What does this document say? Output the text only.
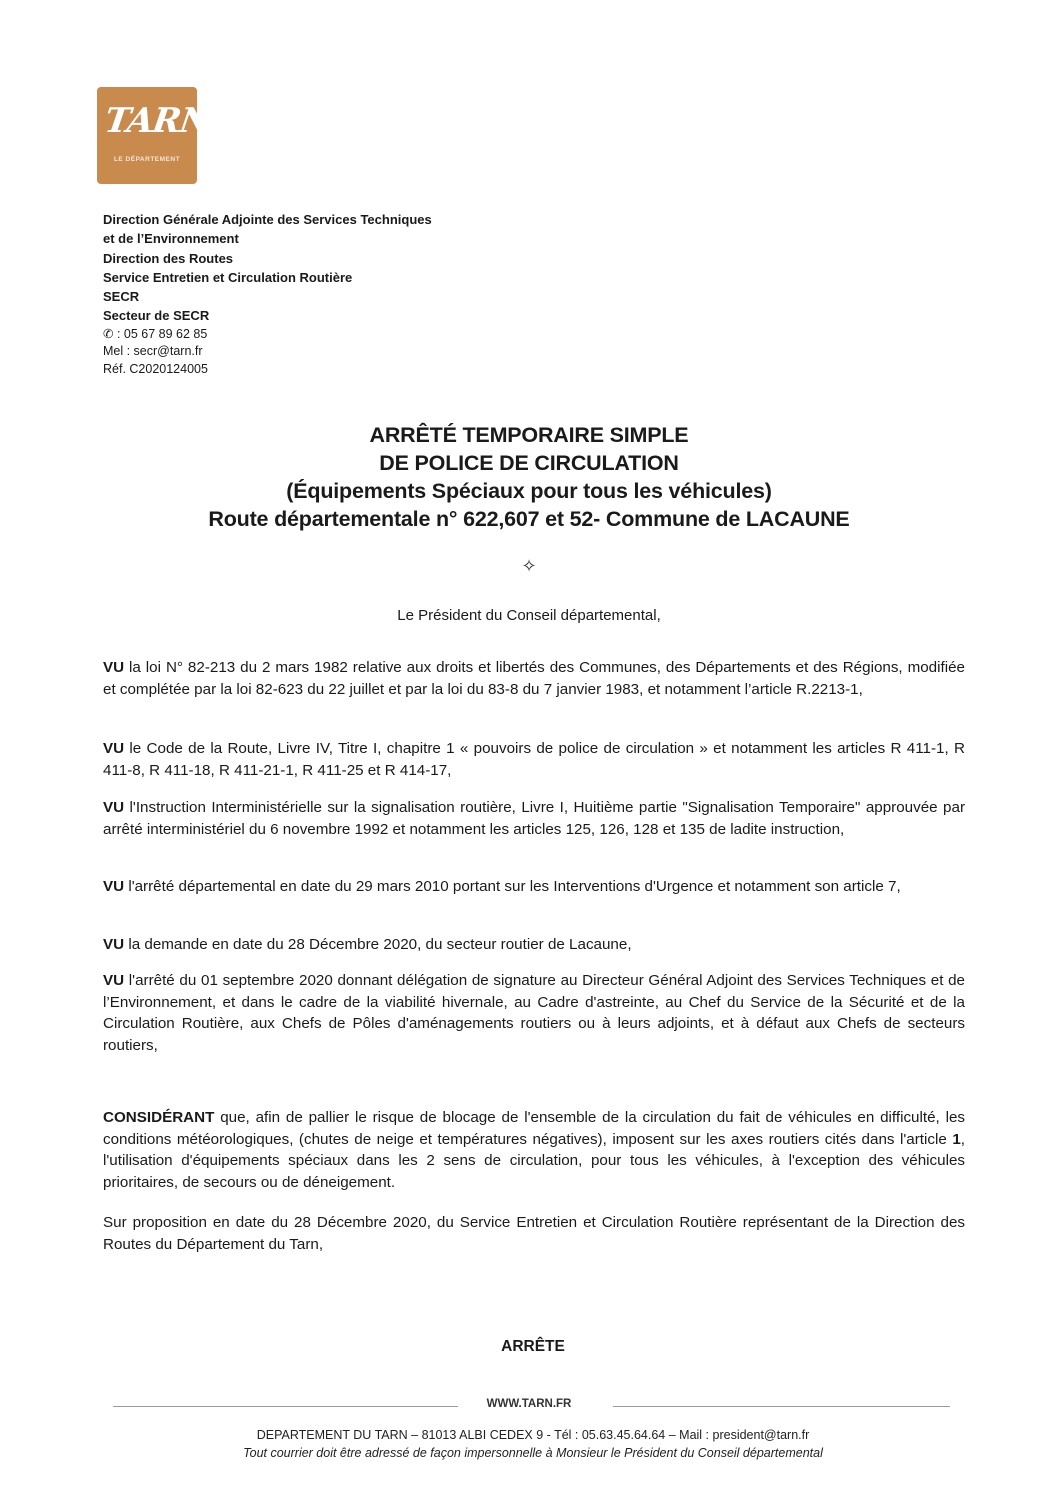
TARN
LE DÉPARTEMENT
Direction Générale Adjointe des Services Techniques
et de l’Environnement
Direction des Routes
Service Entretien et Circulation Routière
SECR
Secteur de SECR
✆ : 05 67 89 62 85
Mel : secr@tarn.fr
Réf. C2020124005
ARRÊTÉ TEMPORAIRE SIMPLE
DE POLICE DE CIRCULATION
(Équipements Spéciaux pour tous les véhicules)
Route départementale n° 622,607 et 52- Commune de LACAUNE
✧
Le Président du Conseil départemental,

VU la loi N° 82-213 du 2 mars 1982 relative aux droits et libertés des Communes, des Départements et des Régions, modifiée et complétée par la loi 82-623 du 22 juillet et par la loi du 83-8 du 7 janvier 1983, et notamment l’article R.2213-1,

VU le Code de la Route, Livre IV, Titre I, chapitre 1 « pouvoirs de police de circulation » et notamment les articles R 411-1, R 411-8, R 411-18, R 411-21-1, R 411-25 et R 414-17,

VU l'Instruction Interministérielle sur la signalisation routière, Livre I, Huitième partie "Signalisation Temporaire" approuvée par arrêté interministériel du 6 novembre 1992 et notamment les articles 125, 126, 128 et 135 de ladite instruction,

VU l'arrêté départemental en date du 29 mars 2010 portant sur les Interventions d'Urgence et notamment son article 7,

VU la demande en date du 28 Décembre 2020, du secteur routier de Lacaune,

VU l'arrêté du 01 septembre 2020 donnant délégation de signature au Directeur Général Adjoint des Services Techniques et de l’Environnement, et dans le cadre de la viabilité hivernale, au Cadre d'astreinte, au Chef du Service de la Sécurité et de la Circulation Routière, aux Chefs de Pôles d'aménagements routiers ou à leurs adjoints, et à défaut aux Chefs de secteurs routiers,

CONSIDÉRANT que, afin de pallier le risque de blocage de l'ensemble de la circulation du fait de véhicules en difficulté, les conditions météorologiques, (chutes de neige et températures négatives), imposent sur les axes routiers cités dans l'article 1, l'utilisation d'équipements spéciaux dans les 2 sens de circulation, pour tous les véhicules, à l'exception des véhicules prioritaires, de secours ou de déneigement.

Sur proposition en date du 28 Décembre 2020, du Service Entretien et Circulation Routière représentant de la Direction des Routes du Département du Tarn,

ARRÊTE
WWW.TARN.FR
DEPARTEMENT DU TARN – 81013 ALBI CEDEX 9 - Tél : 05.63.45.64.64 – Mail : president@tarn.fr
Tout courrier doit être adressé de façon impersonnelle à Monsieur le Président du Conseil départemental
